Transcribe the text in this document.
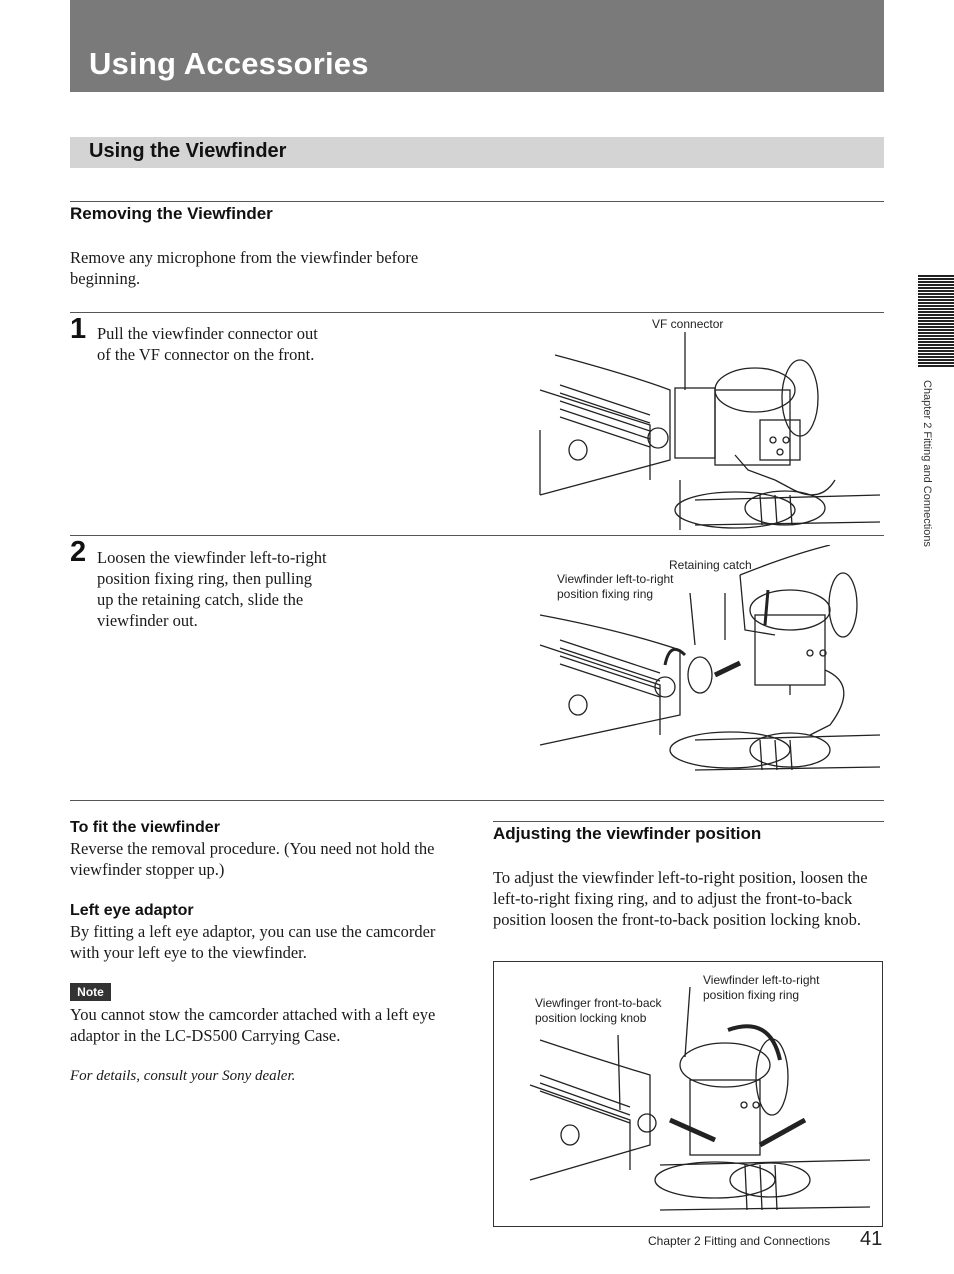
Using Accessories
Using the Viewfinder
Chapter 2 Fitting and Connections
Removing the Viewfinder
Remove any microphone from the viewfinder before beginning.
1 Pull the viewfinder connector out of the VF connector on the front.
VF connector
2 Loosen the viewfinder left-to-right position fixing ring, then pulling up the retaining catch, slide the viewfinder out.
Retaining catch
Viewfinder left-to-right position fixing ring
To fit the viewfinder
Reverse the removal procedure. (You need not hold the viewfinder stopper up.)
Left eye adaptor
By fitting a left eye adaptor, you can use the camcorder with your left eye to the viewfinder.
Note
You cannot stow the camcorder attached with a left eye adaptor in the LC-DS500 Carrying Case.
For details, consult your Sony dealer.
Adjusting the viewfinder position
To adjust the viewfinder left-to-right position, loosen the left-to-right fixing ring, and to adjust the front-to-back position loosen the front-to-back position locking knob.
Viewfinder left-to-right position fixing ring
Viewfinger front-to-back position locking knob
Chapter 2 Fitting and Connections 41
